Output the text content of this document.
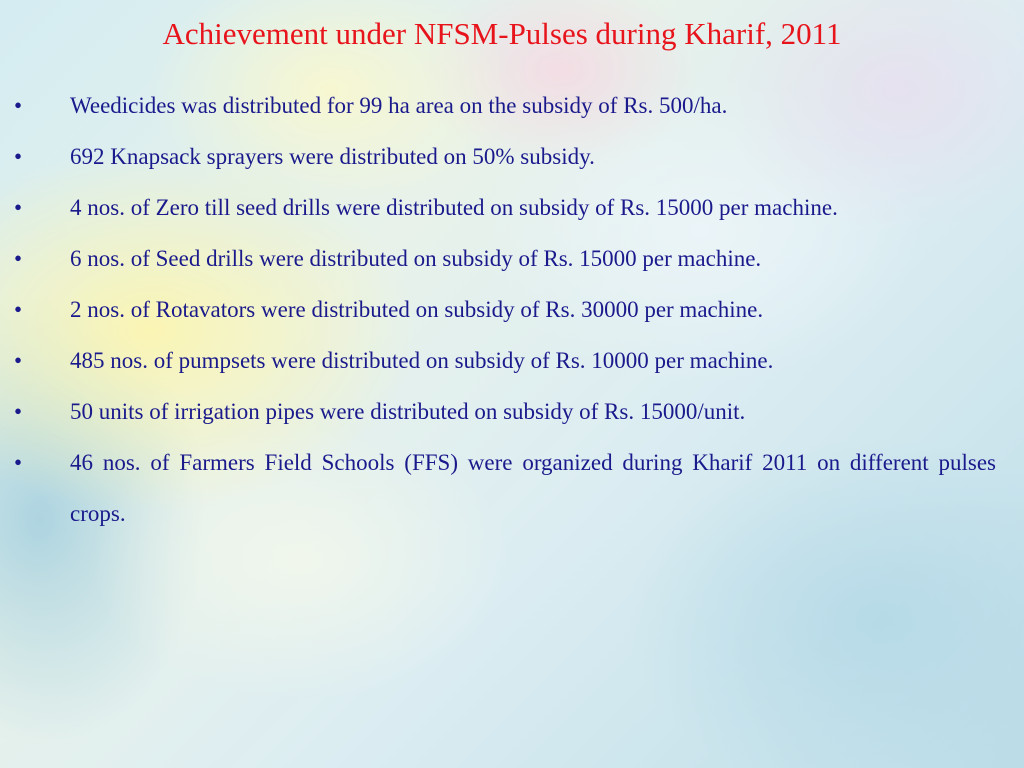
Achievement under NFSM-Pulses during Kharif, 2011
•	Weedicides was distributed for 99 ha area on the subsidy of Rs. 500/ha.
•	692 Knapsack sprayers were distributed on 50% subsidy.
•	4 nos. of Zero till seed drills were distributed on subsidy of Rs. 15000 per machine.
•	6 nos. of Seed drills were distributed on subsidy of Rs. 15000 per machine.
•	2 nos. of Rotavators were distributed on subsidy of Rs. 30000 per machine.
•	485 nos. of pumpsets were distributed on subsidy of Rs. 10000 per machine.
•	50 units of irrigation pipes were distributed on subsidy of Rs. 15000/unit.
•	46 nos. of Farmers Field Schools (FFS) were organized during Kharif 2011 on different pulses crops.
